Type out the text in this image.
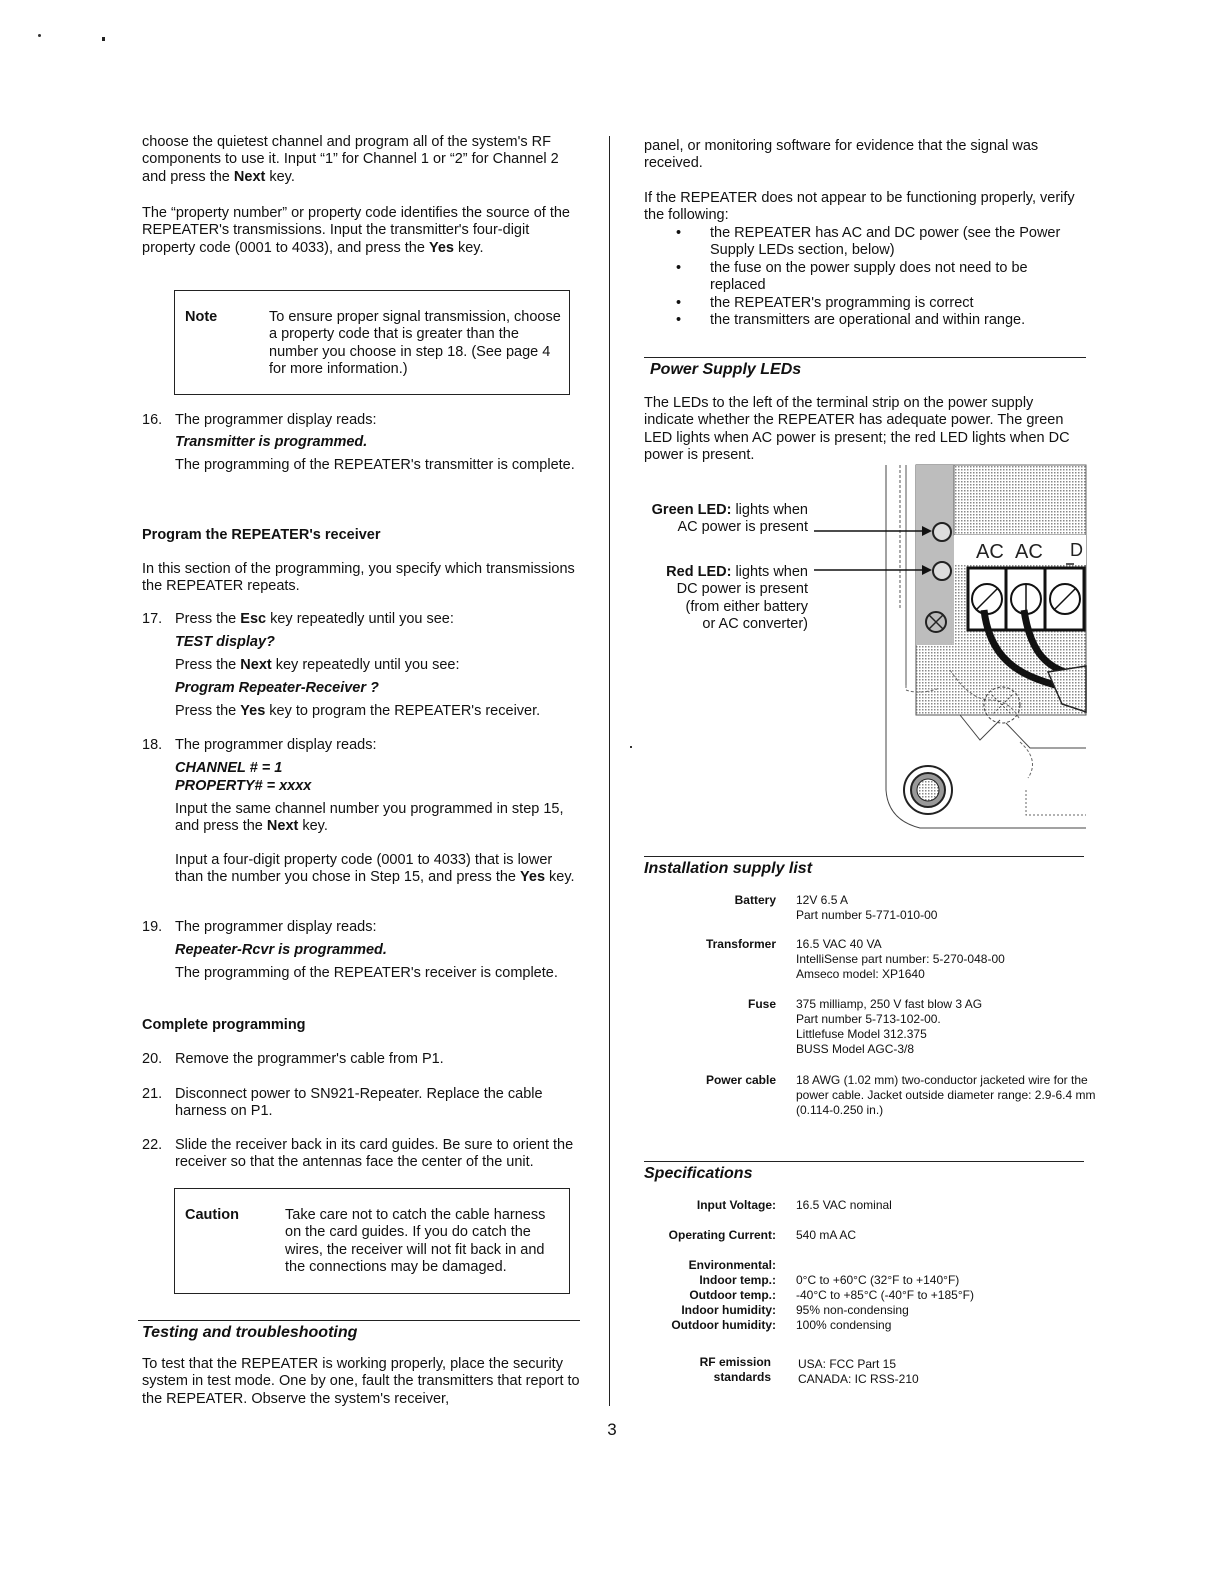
choose the quietest channel and program all of the system's RF components to use it. Input “1” for Channel 1 or “2” for Channel 2 and press the Next key.

The “property number” or property code identifies the source of the REPEATER's transmissions. Input the transmitter's four-digit property code (0001 to 4033), and press the Yes key.

Note	To ensure proper signal transmission, choose a property code that is greater than the number you choose in step 18. (See page 4 for more information.)
16. The programmer display reads:
Transmitter is programmed.
The programming of the REPEATER's transmitter is complete.
Program the REPEATER's receiver

In this section of the programming, you specify which transmissions the REPEATER repeats.

17. Press the Esc key repeatedly until you see:
TEST display?
Press the Next key repeatedly until you see:
Program Repeater-Receiver ?
Press the Yes key to program the REPEATER's receiver.
18. The programmer display reads:
CHANNEL # = 1
PROPERTY# = xxxx
Input the same channel number you programmed in step 15, and press the Next key.
Input a four-digit property code (0001 to 4033) that is lower than the number you chose in Step 15, and press the Yes key.
19. The programmer display reads:
Repeater-Rcvr is programmed.
The programming of the REPEATER's receiver is complete.
Complete programming
20. Remove the programmer's cable from P1.
21. Disconnect power to SN921-Repeater. Replace the cable harness on P1.
22. Slide the receiver back in its card guides. Be sure to orient the receiver so that the antennas face the center of the unit.
Caution	Take care not to catch the cable harness on the card guides. If you do catch the wires, the receiver will not fit back in and the connections may be damaged.
Testing and troubleshooting

To test that the REPEATER is working properly, place the security system in test mode. One by one, fault the transmitters that report to the REPEATER. Observe the system's receiver,

panel, or monitoring software for evidence that the signal was received.

If the REPEATER does not appear to be functioning properly, verify the following:

• the REPEATER has AC and DC power (see the Power Supply LEDs section, below)
• the fuse on the power supply does not need to be replaced
• the REPEATER's programming is correct
• the transmitters are operational and within range.
Power Supply LEDs

The LEDs to the left of the terminal strip on the power supply indicate whether the REPEATER has adequate power. The green LED lights when AC power is present; the red LED lights when DC power is present.

Green LED: lights when
AC power is present
Red LED: lights when
DC power is present
(from either battery
or AC converter)
AC AC D
Installation supply list
Battery 12V 6.5 A
Part number 5-771-010-00
Transformer 16.5 VAC 40 VA
IntelliSense part number: 5-270-048-00
Amseco model: XP1640
Fuse 375 milliamp, 250 V fast blow 3 AG
Part number 5-713-102-00.
Littlefuse Model 312.375
BUSS Model AGC-3/8
Power cable 18 AWG (1.02 mm) two-conductor jacketed wire for the
power cable. Jacket outside diameter range: 2.9-6.4 mm
(0.114-0.250 in.)
Specifications
Input Voltage: 16.5 VAC nominal
Operating Current: 540 mA AC
Environmental:
Indoor temp.:
Outdoor temp.:
Indoor humidity:
Outdoor humidity:
0°C to +60°C (32°F to +140°F)
-40°C to +85°C (-40°F to +185°F)
95% non-condensing
100% condensing
RF emission
standards
USA: FCC Part 15
CANADA: IC RSS-210
3
